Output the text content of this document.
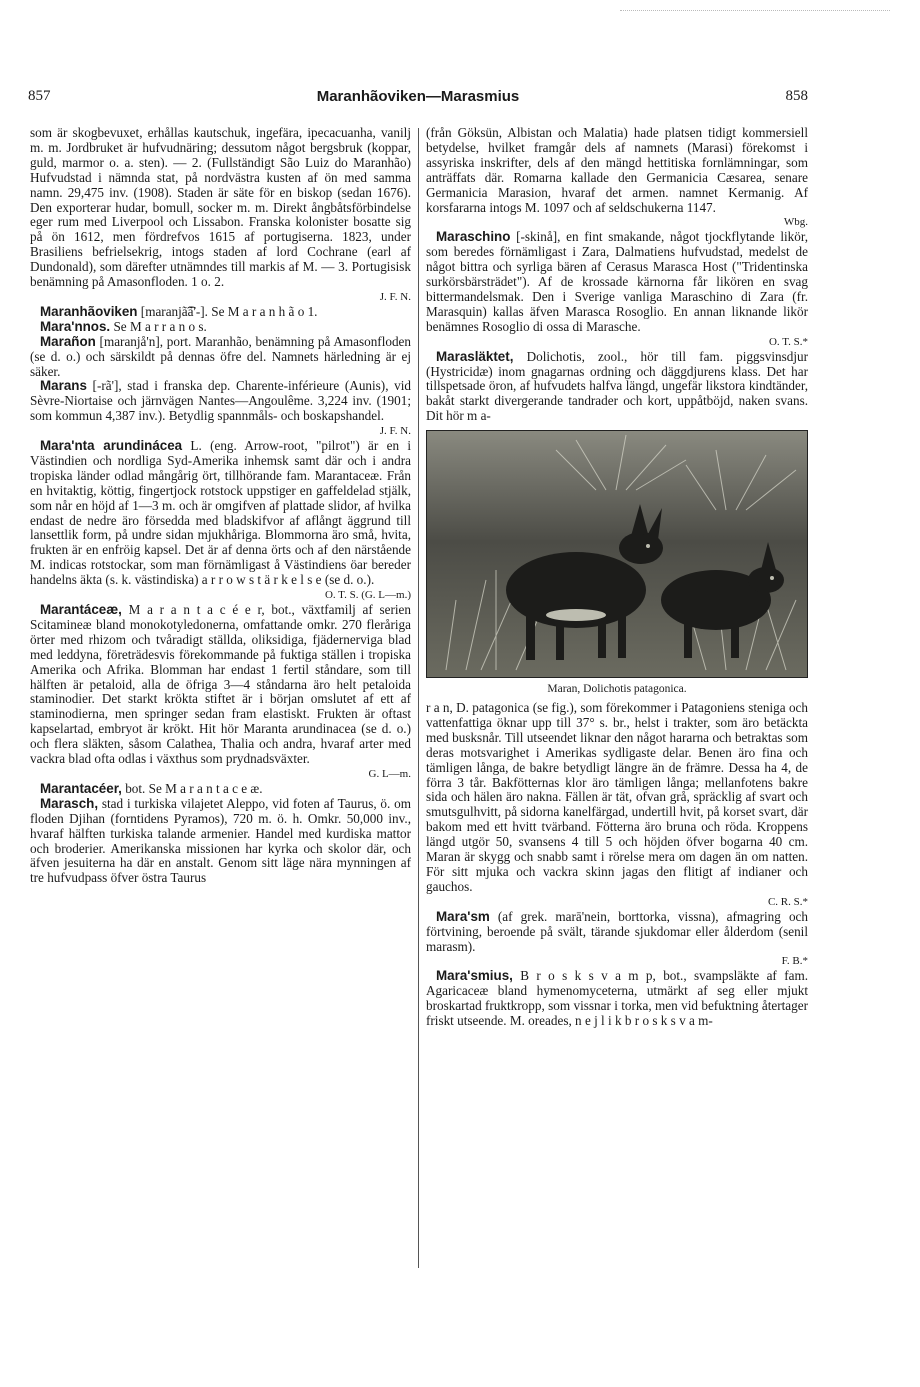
857	Maranhãoviken—Marasmius	858

som är skogbevuxet, erhållas kautschuk, ingefära, ipecacuanha, vanilj m. m. Jordbruket är hufvudnäring; dessutom något bergsbruk (koppar, guld, marmor o. a. sten). — 2. (Fullständigt São Luiz do Maranhão) Hufvudstad i nämnda stat, på nordvästra kusten af ön med samma namn. 29,475 inv. (1908). Staden är säte för en biskop (sedan 1676). Den exporterar hudar, bomull, socker m. m. Direkt ångbåtsförbindelse eger rum med Liverpool och Lissabon. Franska kolonister bosatte sig på ön 1612, men fördrefvos 1615 af portugiserna. 1823, under Brasiliens befrielsekrig, intogs staden af lord Cochrane (earl af Dundonald), som därefter utnämndes till markis af M. — 3. Portugisisk benämning på Amasonfloden. 1 o. 2.
J. F. N.

Maranhãoviken [maranjã͡ã'-]. Se M a r a n h ã o 1.

Mara'nnos. Se M a r r a n o s.

Marañon [maranjå'n], port. Maranhão, benämning på Amasonfloden (se d. o.) och särskildt på dennas öfre del. Namnets härledning är ej säker.

Marans [-rã'], stad i franska dep. Charente-inférieure (Aunis), vid Sèvre-Niortaise och järnvägen Nantes—Angoulême. 3,224 inv. (1901; som kommun 4,387 inv.). Betydlig spannmåls- och boskapshandel.
J. F. N.

Mara'nta arundinácea L. (eng. Arrow-root, "pilrot") är en i Västindien och nordliga Syd-Amerika inhemsk samt där och i andra tropiska länder odlad mångårig ört, tillhörande fam. Marantaceæ. Från en hvitaktig, köttig, fingertjock rotstock uppstiger en gaffeldelad stjälk, som når en höjd af 1—3 m. och är omgifven af plattade slidor, af hvilka endast de nedre äro försedda med bladskifvor af aflångt äggrund till lansettlik form, på undre sidan mjukhåriga. Blommorna äro små, hvita, frukten är en enfröig kapsel. Det är af denna örts och af den närstående M. indicas rotstockar, som man förnämligast å Västindiens öar bereder handelns äkta (s. k. västindiska) a r r o w s t ä r k e l s e (se d. o.).
O. T. S. (G. L—m.)

Marantáceæ, M a r a n t a c é e r, bot., växtfamilj af serien Scitamineæ bland monokotyledonerna, omfattande omkr. 270 fleråriga örter med rhizom och tvåradigt ställda, oliksidiga, fjädernerviga blad med leddyna, företrädesvis förekommande på fuktiga ställen i tropiska Amerika och Afrika. Blomman har endast 1 fertil ståndare, som till hälften är petaloid, alla de öfriga 3—4 ståndarna äro helt petaloida staminodier. Det starkt krökta stiftet är i början omslutet af ett af staminodierna, men springer sedan fram elastiskt. Frukten är oftast kapselartad, embryot är krökt. Hit hör Maranta arundinacea (se d. o.) och flera släkten, såsom Calathea, Thalia och andra, hvaraf arter med vackra blad ofta odlas i växthus som prydnadsväxter.
G. L—m.

Marantacéer, bot. Se M a r a n t a c e æ.

Marasch, stad i turkiska vilajetet Aleppo, vid foten af Taurus, ö. om floden Djihan (forntidens Pyramos), 720 m. ö. h. Omkr. 50,000 inv., hvaraf hälften turkiska talande armenier. Handel med kurdiska mattor och broderier. Amerikanska missionen har kyrka och skolor där, och äfven jesuiterna ha där en anstalt. Genom sitt läge nära mynningen af tre hufvudpass öfver östra Taurus

(från Göksün, Albistan och Malatia) hade platsen tidigt kommersiell betydelse, hvilket framgår dels af namnets (Marasi) förekomst i assyriska inskrifter, dels af den mängd hettitiska fornlämningar, som anträffats där. Romarna kallade den Germanicia Cæsarea, senare Germanicia Marasion, hvaraf det armen. namnet Kermanig. Af korsfararna intogs M. 1097 och af seldschukerna 1147.
Wbg.

Maraschino [-skinå], en fint smakande, något tjockflytande likör, som beredes förnämligast i Zara, Dalmatiens hufvudstad, medelst de något bittra och syrliga bären af Cerasus Marasca Host ("Tridentinska surkörsbärsträdet"). Af de krossade kärnorna får likören en svag bittermandelsmak. Den i Sverige vanliga Maraschino di Zara (fr. Marasquin) kallas äfven Marasca Rosoglio. En annan liknande likör benämnes Rosoglio di ossa di Marasche.
O. T. S.*

Marasläktet, Dolichotis, zool., hör till fam. piggsvinsdjur (Hystricidæ) inom gnagarnas ordning och däggdjurens klass. Det har tillspetsade öron, af hufvudets halfva längd, ungefär likstora kindtänder, bakåt starkt divergerande tandrader och kort, uppåtböjd, naken svans. Dit hör m a-

Maran, Dolichotis patagonica.

r a n, D. patagonica (se fig.), som förekommer i Patagoniens steniga och vattenfattiga öknar upp till 37° s. br., helst i trakter, som äro betäckta med busksnår. Till utseendet liknar den något hararna och betraktas som deras motsvarighet i Amerikas sydligaste delar. Benen äro fina och tämligen långa, de bakre betydligt längre än de främre. Dessa ha 4, de förra 3 tår. Bakfötternas klor äro tämligen långa; mellanfotens bakre sida och hälen äro nakna. Fällen är tät, ofvan grå, spräcklig af svart och smutsgulhvitt, på sidorna kanelfärgad, undertill hvit, på korset svart, där bakom med ett hvitt tvärband. Fötterna äro bruna och röda. Kroppens längd utgör 50, svansens 4 till 5 och höjden öfver bogarna 40 cm. Maran är skygg och snabb samt i rörelse mera om dagen än om natten. För sitt mjuka och vackra skinn jagas den flitigt af indianer och gauchos.
C. R. S.*

Mara'sm (af grek. marā'nein, borttorka, vissna), afmagring och förtvining, beroende på svält, tärande sjukdomar eller ålderdom (senil marasm).
F. B.*

Mara'smius, B r o s k s v a m p, bot., svampsläkte af fam. Agaricaceæ bland hymenomyceterna, utmärkt af seg eller mjukt broskartad fruktkropp, som vissnar i torka, men vid befuktning återtager friskt utseende. M. oreades, n e j l i k b r o s k s v a m-
